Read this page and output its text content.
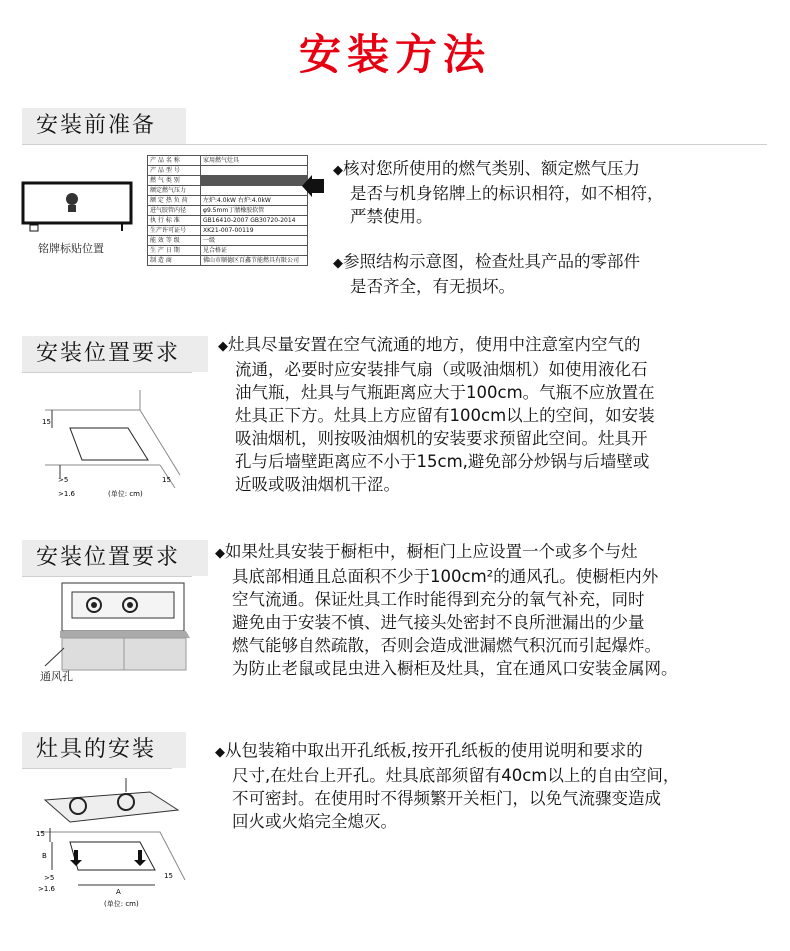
安装方法
安装前准备
铭牌标贴位置
产 品 名 称	家用燃气灶具
产 品 型 号	
燃 气 类 别	
额定燃气压力	
额 定 热 负 荷	左炉:4.0kW 右炉:4.0kW
进气胶管内径	φ9.5mm丁腈橡胶软管
执 行 标 准	GB16410-2007 GB30720-2014
生产许可证号	XK21-007-00119
能 效 等 级	一级
生 产 日 期	见合格证
制 造 商	佛山市顺德区百鑫节能燃具有限公司
◆核对您所使用的燃气类别、额定燃气压力
是否与机身铭牌上的标识相符，如不相符，
严禁使用。
◆参照结构示意图，检查灶具产品的零部件
是否齐全，有无损坏。
安装位置要求
15
15
>5
>1.6	(单位: cm)
◆灶具尽量安置在空气流通的地方，使用中注意室内空气的
流通，必要时应安装排气扇（或吸油烟机）如使用液化石
油气瓶，灶具与气瓶距离应大于100cm。气瓶不应放置在
灶具正下方。灶具上方应留有100cm以上的空间，如安装
吸油烟机，则按吸油烟机的安装要求预留此空间。灶具开
孔与后墙壁距离应不小于15cm,避免部分炒锅与后墙壁或
近吸或吸油烟机干涩。
安装位置要求
通风孔
◆如果灶具安装于橱柜中，橱柜门上应设置一个或多个与灶
具底部相通且总面积不少于100cm²的通风孔。使橱柜内外
空气流通。保证灶具工作时能得到充分的氧气补充，同时
避免由于安装不慎、进气接头处密封不良所泄漏出的少量
燃气能够自然疏散，否则会造成泄漏燃气积沉而引起爆炸。
为防止老鼠或昆虫进入橱柜及灶具，宜在通风口安装金属网。
灶具的安装
15
B
>5
>1.6	A
15
(单位: cm)
◆从包装箱中取出开孔纸板,按开孔纸板的使用说明和要求的
尺寸,在灶台上开孔。灶具底部须留有40cm以上的自由空间，
不可密封。在使用时不得频繁开关柜门，以免气流骤变造成
回火或火焰完全熄灭。
